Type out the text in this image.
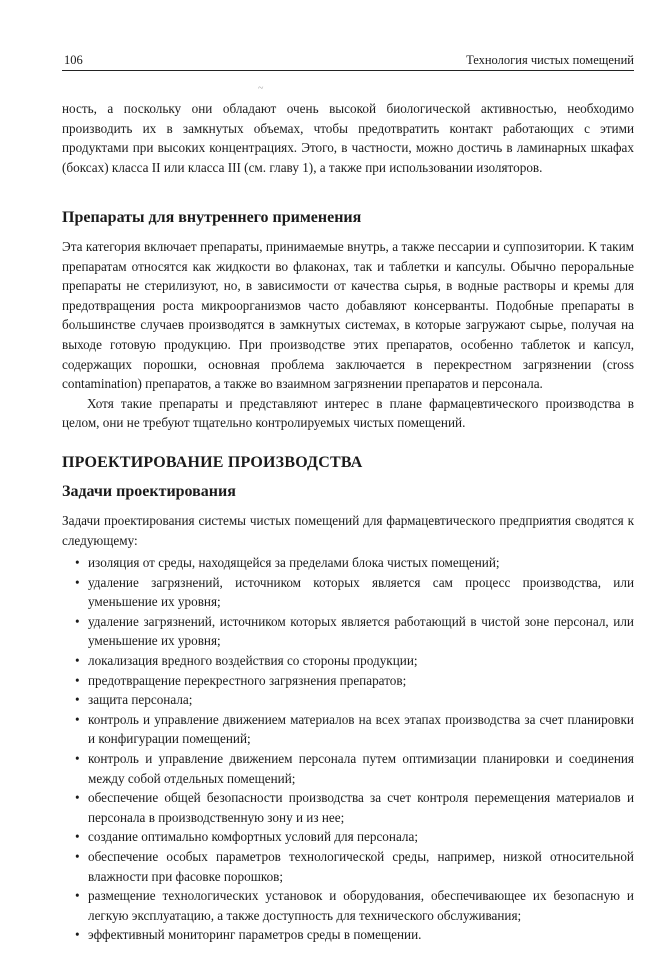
106	Технология чистых помещений
~

ность, а поскольку они обладают очень высокой биологической активностью, необходимо производить их в замкнутых объемах, чтобы предотвратить контакт работающих с этими продуктами при высоких концентрациях. Этого, в частности, можно достичь в ламинарных шкафах (боксах) класса II или класса III (см. главу 1), а также при использовании изоляторов.

Препараты для внутреннего применения

Эта категория включает препараты, принимаемые внутрь, а также пессарии и суппозитории. К таким препаратам относятся как жидкости во флаконах, так и таблетки и капсулы. Обычно пероральные препараты не стерилизуют, но, в зависимости от качества сырья, в водные растворы и кремы для предотвращения роста микроорганизмов часто добавляют консерванты. Подобные препараты в большинстве случаев производятся в замкнутых системах, в которые загружают сырье, получая на выходе готовую продукцию. При производстве этих препаратов, особенно таблеток и капсул, содержащих порошки, основная проблема заключается в перекрестном загрязнении (cross contamination) препаратов, а также во взаимном загрязнении препаратов и персонала.

Хотя такие препараты и представляют интерес в плане фармацевтического производства в целом, они не требуют тщательно контролируемых чистых помещений.

ПРОЕКТИРОВАНИЕ ПРОИЗВОДСТВА
Задачи проектирования

Задачи проектирования системы чистых помещений для фармацевтического предприятия сводятся к следующему:

• изоляция от среды, находящейся за пределами блока чистых помещений;
• удаление загрязнений, источником которых является сам процесс производства, или уменьшение их уровня;
• удаление загрязнений, источником которых является работающий в чистой зоне персонал, или уменьшение их уровня;
• локализация вредного воздействия со стороны продукции;
• предотвращение перекрестного загрязнения препаратов;
• защита персонала;
• контроль и управление движением материалов на всех этапах производства за счет планировки и конфигурации помещений;
• контроль и управление движением персонала путем оптимизации планировки и соединения между собой отдельных помещений;
• обеспечение общей безопасности производства за счет контроля перемещения материалов и персонала в производственную зону и из нее;
• создание оптимально комфортных условий для персонала;
• обеспечение особых параметров технологической среды, например, низкой относительной влажности при фасовке порошков;
• размещение технологических установок и оборудования, обеспечивающее их безопасную и легкую эксплуатацию, а также доступность для технического обслуживания;
• эффективный мониторинг параметров среды в помещении.
